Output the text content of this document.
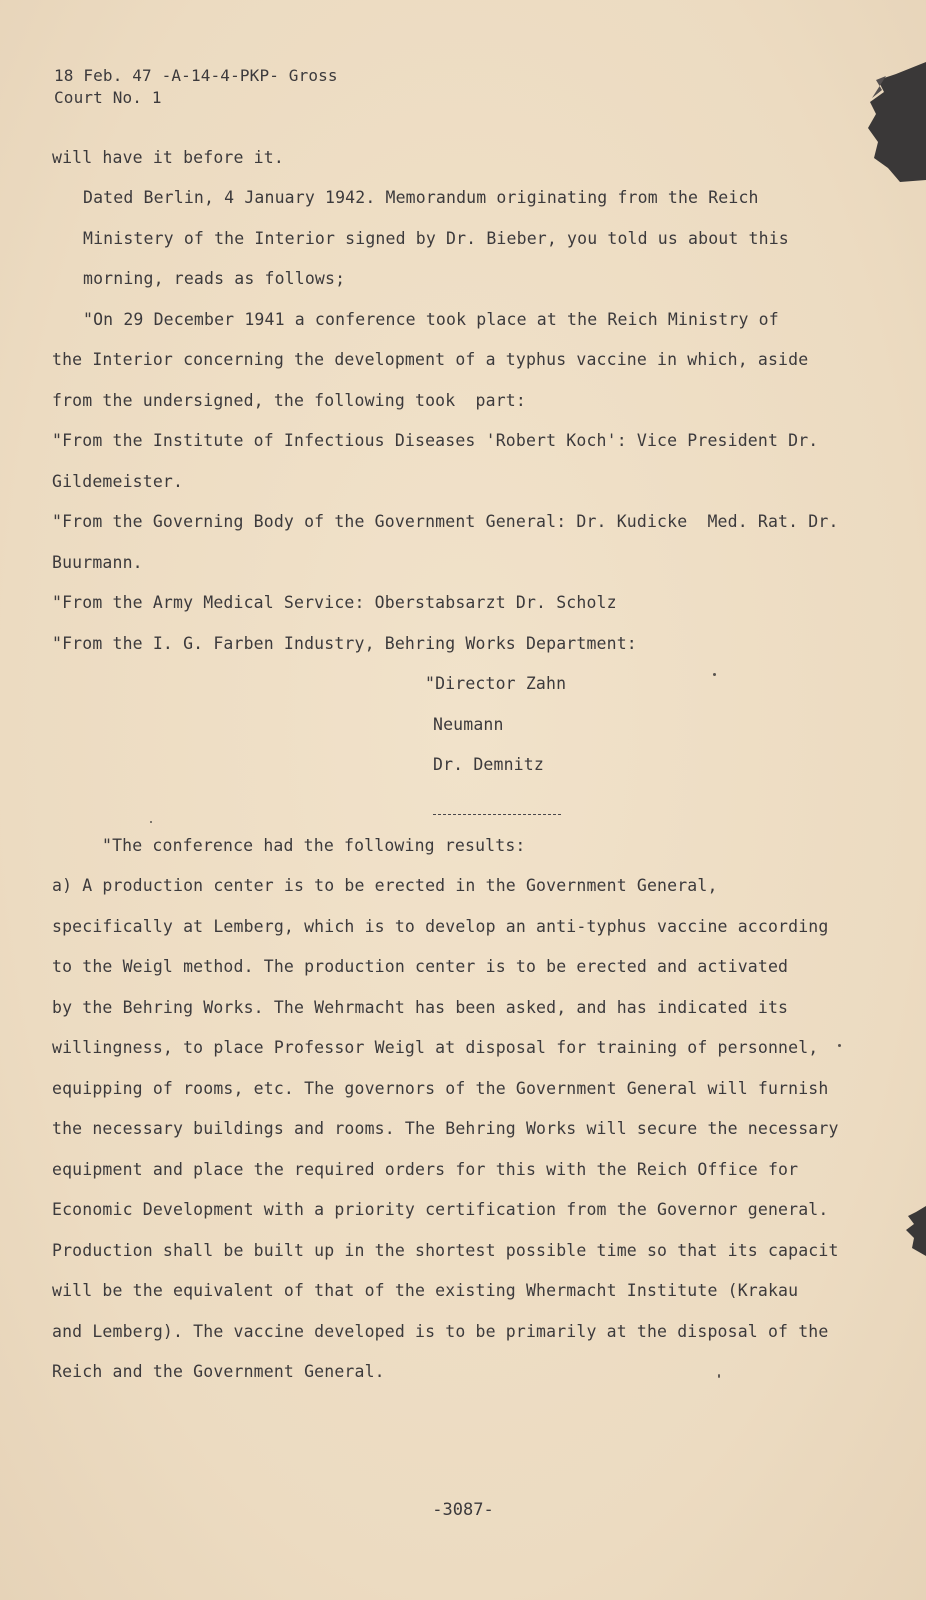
18 Feb. 47 -A-14-4-PKP- Gross
Court No. 1
will have it before it.
Dated Berlin, 4 January 1942. Memorandum originating from the Reich
Ministery of the Interior signed by Dr. Bieber, you told us about this
morning, reads as follows;
"On 29 December 1941 a conference took place at the Reich Ministry of
the Interior concerning the development of a typhus vaccine in which, aside
from the undersigned, the following took  part:
"From the Institute of Infectious Diseases 'Robert Koch': Vice President Dr.
Gildemeister.
"From the Governing Body of the Government General: Dr. Kudicke  Med. Rat. Dr.
Buurmann.
"From the Army Medical Service: Oberstabsarzt Dr. Scholz
"From the I. G. Farben Industry, Behring Works Department:
"Director Zahn
Neumann
Dr. Demnitz
"The conference had the following results:
a) A production center is to be erected in the Government General,
specifically at Lemberg, which is to develop an anti-typhus vaccine according
to the Weigl method. The production center is to be erected and activated
by the Behring Works. The Wehrmacht has been asked, and has indicated its
willingness, to place Professor Weigl at disposal for training of personnel,
equipping of rooms, etc. The governors of the Government General will furnish
the necessary buildings and rooms. The Behring Works will secure the necessary
equipment and place the required orders for this with the Reich Office for
Economic Development with a priority certification from the Governor general.
Production shall be built up in the shortest possible time so that its capacit
will be the equivalent of that of the existing Whermacht Institute (Krakau
and Lemberg). The vaccine developed is to be primarily at the disposal of the
Reich and the Government General.
-3087-
